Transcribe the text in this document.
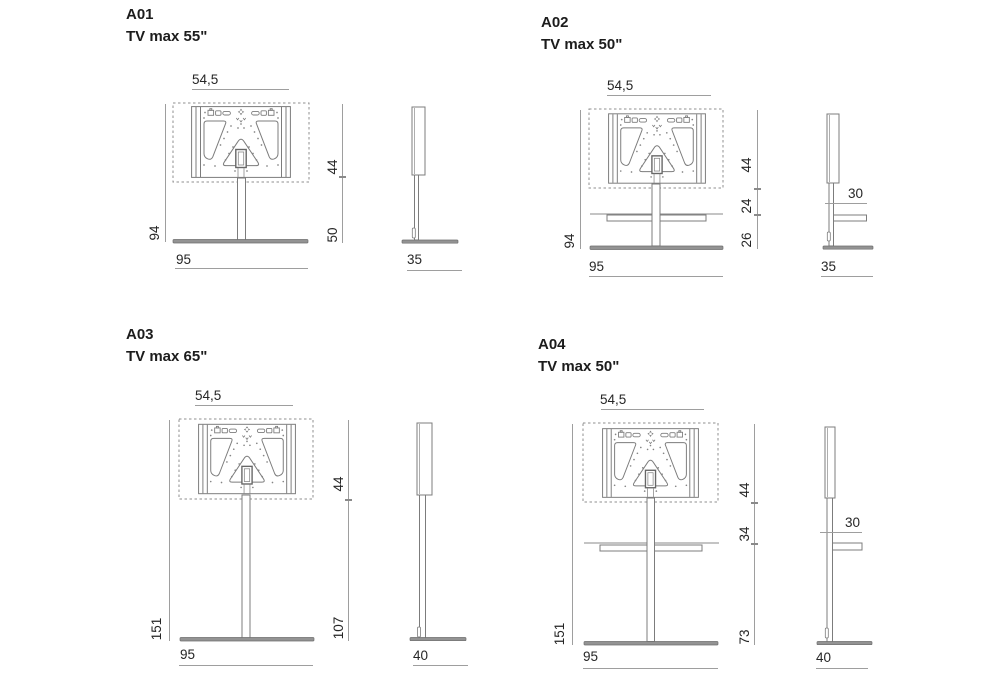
A01
TV max 55"
54,5
94
44
50
95	35
A02
TV max 50"
54,5
94
44
24
26
95
30
35
A03
TV max 65"
54,5
151
44
107
95	40
A04
TV max 50"
54,5
151
44
34
73
95
30
40
